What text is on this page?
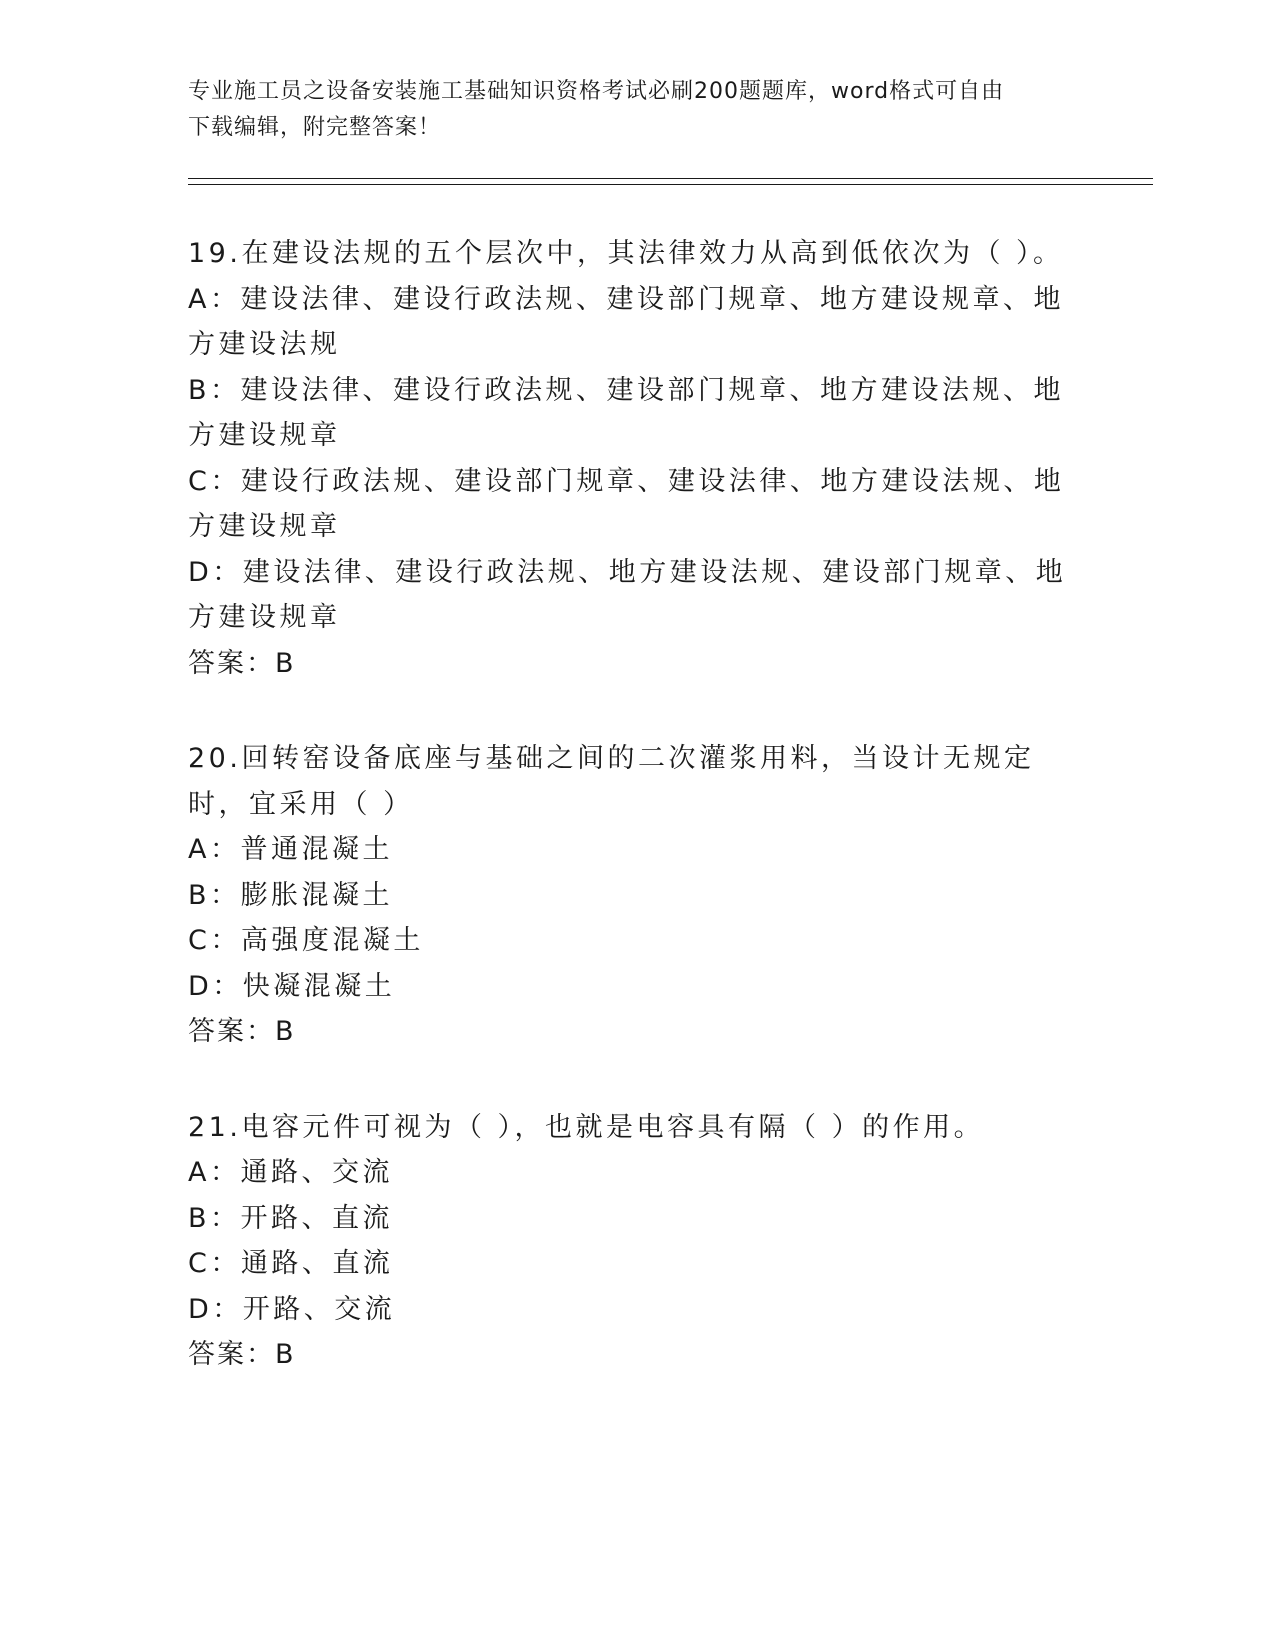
专业施工员之设备安装施工基础知识资格考试必刷200题题库，word格式可自由
下载编辑，附完整答案！

19.在建设法规的五个层次中，其法律效力从高到低依次为（ ）。

A：建设法律、建设行政法规、建设部门规章、地方建设规章、地方建设法规

B：建设法律、建设行政法规、建设部门规章、地方建设法规、地方建设规章

C：建设行政法规、建设部门规章、建设法律、地方建设法规、地方建设规章

D：建设法律、建设行政法规、地方建设法规、建设部门规章、地方建设规章

答案：B

20.回转窑设备底座与基础之间的二次灌浆用料，当设计无规定时，宜采用（ ）

A：普通混凝土

B：膨胀混凝土

C：高强度混凝土

D：快凝混凝土

答案：B

21.电容元件可视为（ ），也就是电容具有隔（ ）的作用。

A：通路、交流

B：开路、直流

C：通路、直流

D：开路、交流

答案：B
